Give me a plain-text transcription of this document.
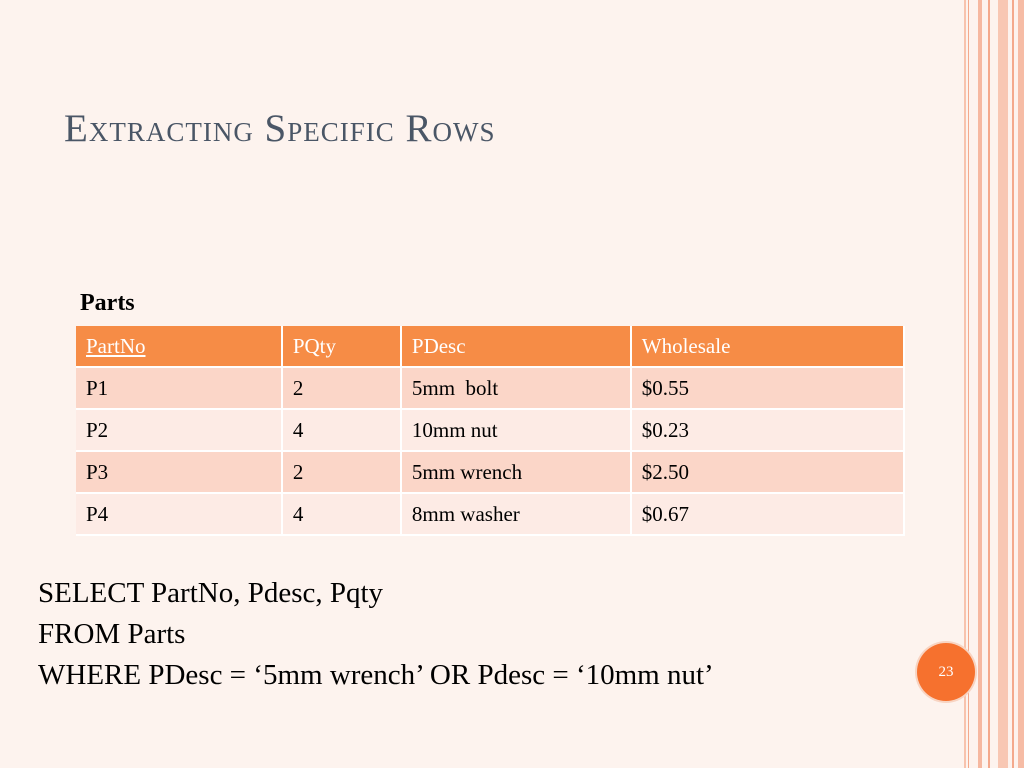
Extracting Specific Rows
Parts
PartNo	PQty	PDesc	Wholesale
P1	2	5mm  bolt	$0.55
P2	4	10mm nut	$0.23
P3	2	5mm wrench	$2.50
P4	4	8mm washer	$0.67
SELECT PartNo, Pdesc, Pqty
FROM Parts
WHERE PDesc = ‘5mm wrench’ OR Pdesc = ‘10mm nut’	23
